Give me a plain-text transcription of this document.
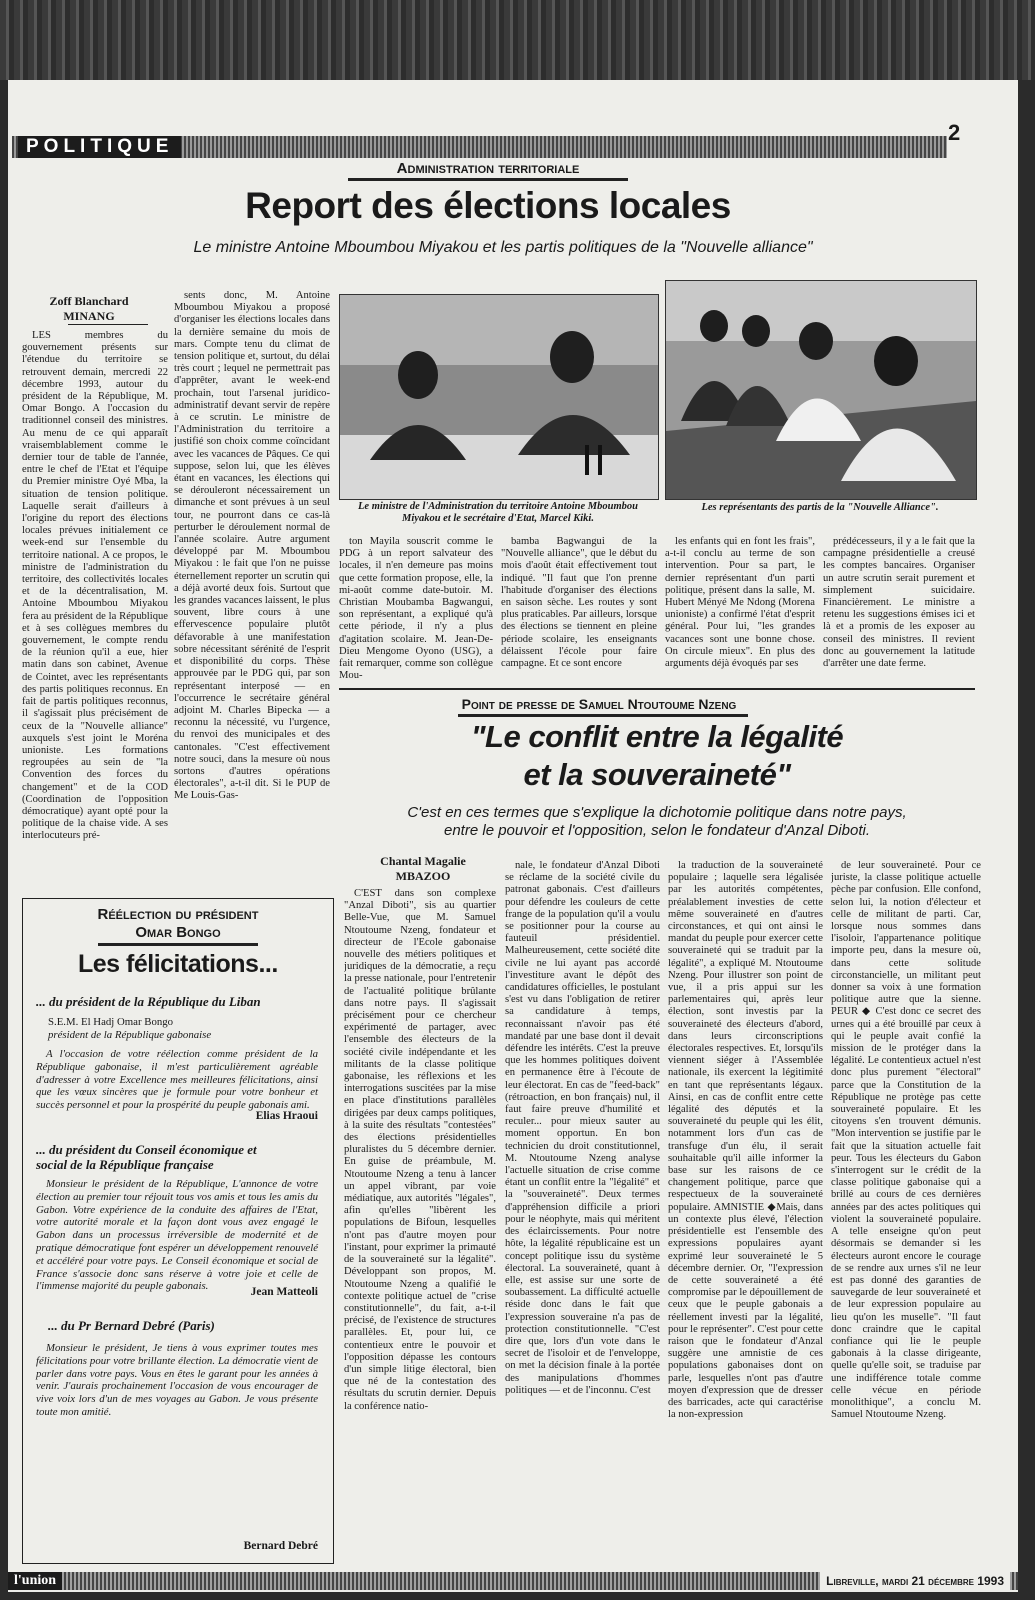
POLITIQUE
2
Administration territoriale
Report des élections locales
Le ministre Antoine Mboumbou Miyakou et les partis politiques de la "Nouvelle alliance"
Zoff Blanchard
MINANG

LES membres du gouvernement présents sur l'étendue du territoire se retrouvent demain, mercredi 22 décembre 1993, autour du président de la République, M. Omar Bongo. A l'occasion du traditionnel conseil des ministres. Au menu de ce qui apparaît vraisemblablement comme le dernier tour de table de l'année, entre le chef de l'Etat et l'équipe du Premier ministre Oyé Mba, la situation de tension politique. Laquelle serait d'ailleurs à l'origine du report des élections locales prévues initialement ce week-end sur l'ensemble du territoire national. A ce propos, le ministre de l'administration du territoire, des collectivités locales et de la décentralisation, M. Antoine Mboumbou Miyakou fera au président de la République et à ses collègues membres du gouvernement, le compte rendu de la réunion qu'il a eue, hier matin dans son cabinet, Avenue de Cointet, avec les représentants des partis politiques reconnus. En fait de partis politiques reconnus, il s'agissait plus précisément de ceux de la "Nouvelle alliance" auxquels s'est joint le Moréna unioniste. Les formations regroupées au sein de "la Convention des forces du changement" et de la COD (Coordination de l'opposition démocratique) ayant opté pour la politique de la chaise vide. A ses interlocuteurs pré-

sents donc, M. Antoine Mboumbou Miyakou a proposé d'organiser les élections locales dans la dernière semaine du mois de mars. Compte tenu du climat de tension politique et, surtout, du délai très court ; lequel ne permettrait pas d'apprêter, avant le week-end prochain, tout l'arsenal juridico-administratif devant servir de repère à ce scrutin. Le ministre de l'Administration du territoire a justifié son choix comme coïncidant avec les vacances de Pâques. Ce qui suppose, selon lui, que les élèves étant en vacances, les élections qui se dérouleront nécessairement un dimanche et sont prévues à un seul tour, ne pourront dans ce cas-là perturber le déroulement normal de l'année scolaire. Autre argument développé par M. Mboumbou Miyakou : le fait que l'on ne puisse éternellement reporter un scrutin qui a déjà avorté deux fois. Surtout que les grandes vacances laissent, le plus souvent, libre cours à une effervescence populaire plutôt défavorable à une manifestation sobre nécessitant sérénité de l'esprit et disponibilité du corps. Thèse approuvée par le PDG qui, par son représentant interposé — en l'occurrence le secrétaire général adjoint M. Charles Bipecka — a reconnu la nécessité, vu l'urgence, du renvoi des municipales et des cantonales. "C'est effectivement notre souci, dans la mesure où nous sortons d'autres opérations électorales", a-t-il dit. Si le PUP de Me Louis-Gas-

Le ministre de l'Administration du territoire Antoine Mboumbou Miyakou et le secrétaire d'Etat, Marcel Kiki.
Les représentants des partis de la "Nouvelle Alliance".

ton Mayila souscrit comme le PDG à un report salvateur des locales, il n'en demeure pas moins que cette formation propose, elle, la mi-août comme date-butoir. M. Christian Moubamba Bagwangui, son représentant, a expliqué qu'à cette période, il n'y a plus d'agitation scolaire. M. Jean-De-Dieu Mengome Oyono (USG), a fait remarquer, comme son collègue Mou-

bamba Bagwangui de la "Nouvelle alliance", que le début du mois d'août était effectivement tout indiqué. "Il faut que l'on prenne l'habitude d'organiser des élections en saison sèche. Les routes y sont plus praticables. Par ailleurs, lorsque des élections se tiennent en pleine période scolaire, les enseignants délaissent l'école pour faire campagne. Et ce sont encore

les enfants qui en font les frais", a-t-il conclu au terme de son intervention. Pour sa part, le dernier représentant d'un parti politique, présent dans la salle, M. Hubert Ményé Me Ndong (Morena unioniste) a confirmé l'état d'esprit général. Pour lui, "les grandes vacances sont une bonne chose. On circule mieux". En plus des arguments déjà évoqués par ses

prédécesseurs, il y a le fait que la campagne présidentielle a creusé les comptes bancaires. Organiser un autre scrutin serait purement et simplement suicidaire. Financièrement. Le ministre a retenu les suggestions émises ici et là et a promis de les exposer au conseil des ministres. Il revient donc au gouvernement la latitude d'arrêter une date ferme.

Point de presse de Samuel Ntoutoume Nzeng
"Le conflit entre la légalité
et la souveraineté"
C'est en ces termes que s'explique la dichotomie politique dans notre pays,
entre le pouvoir et l'opposition, selon le fondateur d'Anzal Diboti.
Chantal Magalie
MBAZOO

C'EST dans son complexe "Anzal Diboti", sis au quartier Belle-Vue, que M. Samuel Ntoutoume Nzeng, fondateur et directeur de l'Ecole gabonaise nouvelle des métiers politiques et juridiques de la démocratie, a reçu la presse nationale, pour l'entretenir de l'actualité politique brûlante dans notre pays. Il s'agissait précisément pour ce chercheur expérimenté de partager, avec l'ensemble des électeurs de la société civile indépendante et les militants de la classe politique gabonaise, les réflexions et les interrogations suscitées par la mise en place d'institutions parallèles dirigées par deux camps politiques, à la suite des résultats "contestées" des élections présidentielles pluralistes du 5 décembre dernier. En guise de préambule, M. Ntoutoume Nzeng a tenu à lancer un appel vibrant, par voie médiatique, aux autorités "légales", afin qu'elles "libèrent les populations de Bifoun, lesquelles n'ont pas d'autre moyen pour l'instant, pour exprimer la primauté de la souveraineté sur la légalité". Développant son propos, M. Ntoutoume Nzeng a qualifié le contexte politique actuel de "crise constitutionnelle", du fait, a-t-il précisé, de l'existence de structures parallèles. Et, pour lui, ce contentieux entre le pouvoir et l'opposition dépasse les contours d'un simple litige électoral, bien que né de la contestation des résultats du scrutin dernier. Depuis la conférence natio-

nale, le fondateur d'Anzal Diboti se réclame de la société civile du patronat gabonais. C'est d'ailleurs pour défendre les couleurs de cette frange de la population qu'il a voulu se positionner pour la course au fauteuil présidentiel. Malheureusement, cette société dite civile ne lui ayant pas accordé l'investiture avant le dépôt des candidatures officielles, le postulant s'est vu dans l'obligation de retirer sa candidature à temps, reconnaissant n'avoir pas été mandaté par une base dont il devait défendre les intérêts. C'est la preuve que les hommes politiques doivent en permanence être à l'écoute de leur électorat. En cas de "feed-back" (rétroaction, en bon français) nul, il faut faire preuve d'humilité et reculer... pour mieux sauter au moment opportun. En bon technicien du droit constitutionnel, M. Ntoutoume Nzeng analyse l'actuelle situation de crise comme étant un conflit entre la "légalité" et la "souveraineté". Deux termes d'appréhension difficile a priori pour le néophyte, mais qui méritent des éclaircissements. Pour notre hôte, la légalité républicaine est un concept politique issu du système électoral. La souveraineté, quant à elle, est assise sur une sorte de soubassement. La difficulté actuelle réside donc dans le fait que l'expression souveraine n'a pas de protection constitutionnelle. "C'est dire que, lors d'un vote dans le secret de l'isoloir et de l'enveloppe, on met la décision finale à la portée des manipulations d'hommes politiques — et de l'inconnu. C'est

la traduction de la souveraineté populaire ; laquelle sera légalisée par les autorités compétentes, préalablement investies de cette même souveraineté en d'autres circonstances, et qui ont ainsi le mandat du peuple pour exercer cette souveraineté qui se traduit par la légalité", a expliqué M. Ntoutoume Nzeng. Pour illustrer son point de vue, il a pris appui sur les parlementaires qui, après leur élection, sont investis par la souveraineté des électeurs d'abord, dans leurs circonscriptions électorales respectives. Et, lorsqu'ils viennent siéger à l'Assemblée nationale, ils exercent la légitimité en tant que représentants légaux. Ainsi, en cas de conflit entre cette légalité des députés et la souveraineté du peuple qui les élit, notamment lors d'un cas de transfuge d'un élu, il serait souhaitable qu'il aille informer la base sur les raisons de ce changement politique, parce que respectueux de la souveraineté populaire. AMNISTIE ◆Mais, dans un contexte plus élevé, l'élection présidentielle est l'ensemble des expressions populaires ayant exprimé leur souveraineté le 5 décembre dernier. Or, "l'expression de cette souveraineté a été compromise par le dépouillement de ceux que le peuple gabonais a réellement investi par la légalité, pour le représenter". C'est pour cette raison que le fondateur d'Anzal suggère une amnistie de ces populations gabonaises dont on parle, lesquelles n'ont pas d'autre moyen d'expression que de dresser des barricades, acte qui caractérise la non-expression

de leur souveraineté. Pour ce juriste, la classe politique actuelle pèche par confusion. Elle confond, selon lui, la notion d'électeur et celle de militant de parti. Car, lorsque nous sommes dans l'isoloir, l'appartenance politique importe peu, dans la mesure où, dans cette solitude circonstancielle, un militant peut donner sa voix à une formation politique autre que la sienne. PEUR ◆ C'est donc ce secret des urnes qui a été brouillé par ceux à qui le peuple avait confié la mission de le protéger dans la légalité. Le contentieux actuel n'est donc plus purement "électoral" parce que la Constitution de la République ne protège pas cette souveraineté populaire. Et les citoyens s'en trouvent démunis. "Mon intervention se justifie par le fait que la situation actuelle fait peur. Tous les électeurs du Gabon s'interrogent sur le crédit de la classe politique gabonaise qui a brillé au cours de ces dernières années par des actes politiques qui violent la souveraineté populaire. A telle enseigne qu'on peut désormais se demander si les électeurs auront encore le courage de se rendre aux urnes s'il ne leur est pas donné des garanties de sauvegarde de leur souveraineté et de leur expression populaire au lieu qu'on les muselle". "Il faut donc craindre que le capital confiance qui lie le peuple gabonais à la classe dirigeante, quelle qu'elle soit, se traduise par une indifférence totale comme celle vécue en période monolithique", a conclu M. Samuel Ntoutoume Nzeng.

Réélection du président
Omar Bongo
Les félicitations...
... du président de la République du Liban
S.E.M. El Hadj Omar Bongo
président de la République gabonaise
A l'occasion de votre réélection comme président de la République gabonaise, il m'est particulièrement agréable d'adresser à votre Excellence mes meilleures félicitations, ainsi que les vœux sincères que je formule pour votre bonheur et succès personnel et pour la prospérité du peuple gabonais ami.
Elias Hraoui
... du président du Conseil économique et
social de la République française
Monsieur le président de la République, L'annonce de votre élection au premier tour réjouit tous vos amis et tous les amis du Gabon. Votre expérience de la conduite des affaires de l'Etat, votre autorité morale et la façon dont vous avez engagé le Gabon dans un processus irréversible de modernité et de pratique démocratique font espérer un développement renouvelé et accéléré pour votre pays. Le Conseil économique et social de France s'associe donc sans réserve à votre joie et celle de l'immense majorité du peuple gabonais.	Jean Matteoli
... du Pr Bernard Debré (Paris)
Monsieur le président, Je tiens à vous exprimer toutes mes félicitations pour votre brillante élection. La démocratie vient de parler dans votre pays. Vous en êtes le garant pour les années à venir. J'aurais prochainement l'occasion de vous encourager de vive voix lors d'un de mes voyages au Gabon. Je vous présente toute mon amitié.
Bernard Debré
l'union	Libreville, mardi 21 décembre 1993
